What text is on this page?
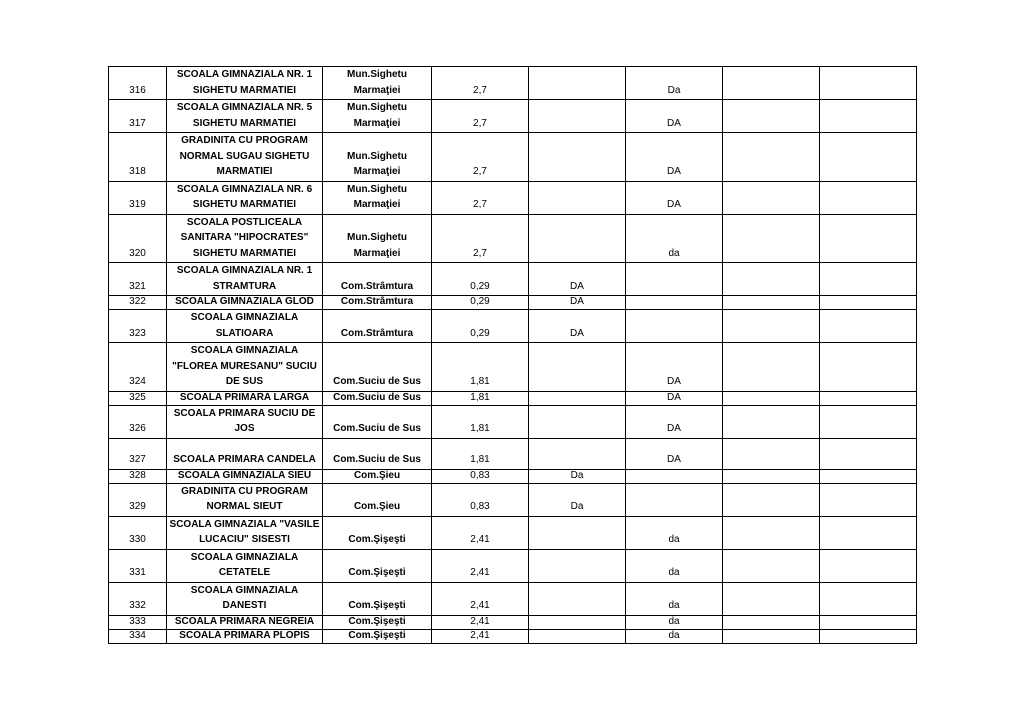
316	SCOALA GIMNAZIALA NR. 1 SIGHETU MARMATIEI	Mun.Sighetu Marmaţiei	2,7		Da		
317	SCOALA GIMNAZIALA NR. 5 SIGHETU MARMATIEI	Mun.Sighetu Marmaţiei	2,7		DA		
318	GRADINITA CU PROGRAM NORMAL SUGAU SIGHETU MARMATIEI	Mun.Sighetu Marmaţiei	2,7		DA		
319	SCOALA GIMNAZIALA NR. 6 SIGHETU MARMATIEI	Mun.Sighetu Marmaţiei	2,7		DA		
320	SCOALA POSTLICEALA SANITARA "HIPOCRATES" SIGHETU MARMATIEI	Mun.Sighetu Marmaţiei	2,7		da		
321	SCOALA GIMNAZIALA NR. 1 STRAMTURA	Com.Strâmtura	0,29	DA			
322	SCOALA GIMNAZIALA GLOD	Com.Strâmtura	0,29	DA			
323	SCOALA GIMNAZIALA SLATIOARA	Com.Strâmtura	0,29	DA			
324	SCOALA GIMNAZIALA "FLOREA MURESANU" SUCIU DE SUS	Com.Suciu de Sus	1,81		DA		
325	SCOALA PRIMARA LARGA	Com.Suciu de Sus	1,81		DA		
326	SCOALA PRIMARA SUCIU DE JOS	Com.Suciu de Sus	1,81		DA		
327	SCOALA PRIMARA CANDELA	Com.Suciu de Sus	1,81		DA		
328	SCOALA GIMNAZIALA SIEU	Com.Şieu	0,83	Da			
329	GRADINITA CU PROGRAM NORMAL SIEUT	Com.Şieu	0,83	Da			
330	SCOALA GIMNAZIALA "VASILE LUCACIU" SISESTI	Com.Şişeşti	2,41		da		
331	SCOALA GIMNAZIALA CETATELE	Com.Şişeşti	2,41		da		
332	SCOALA GIMNAZIALA DANESTI	Com.Şişeşti	2,41		da		
333	SCOALA PRIMARA NEGREIA	Com.Şişeşti	2,41		da		
334	SCOALA PRIMARA PLOPIS	Com.Şişeşti	2,41		da		
